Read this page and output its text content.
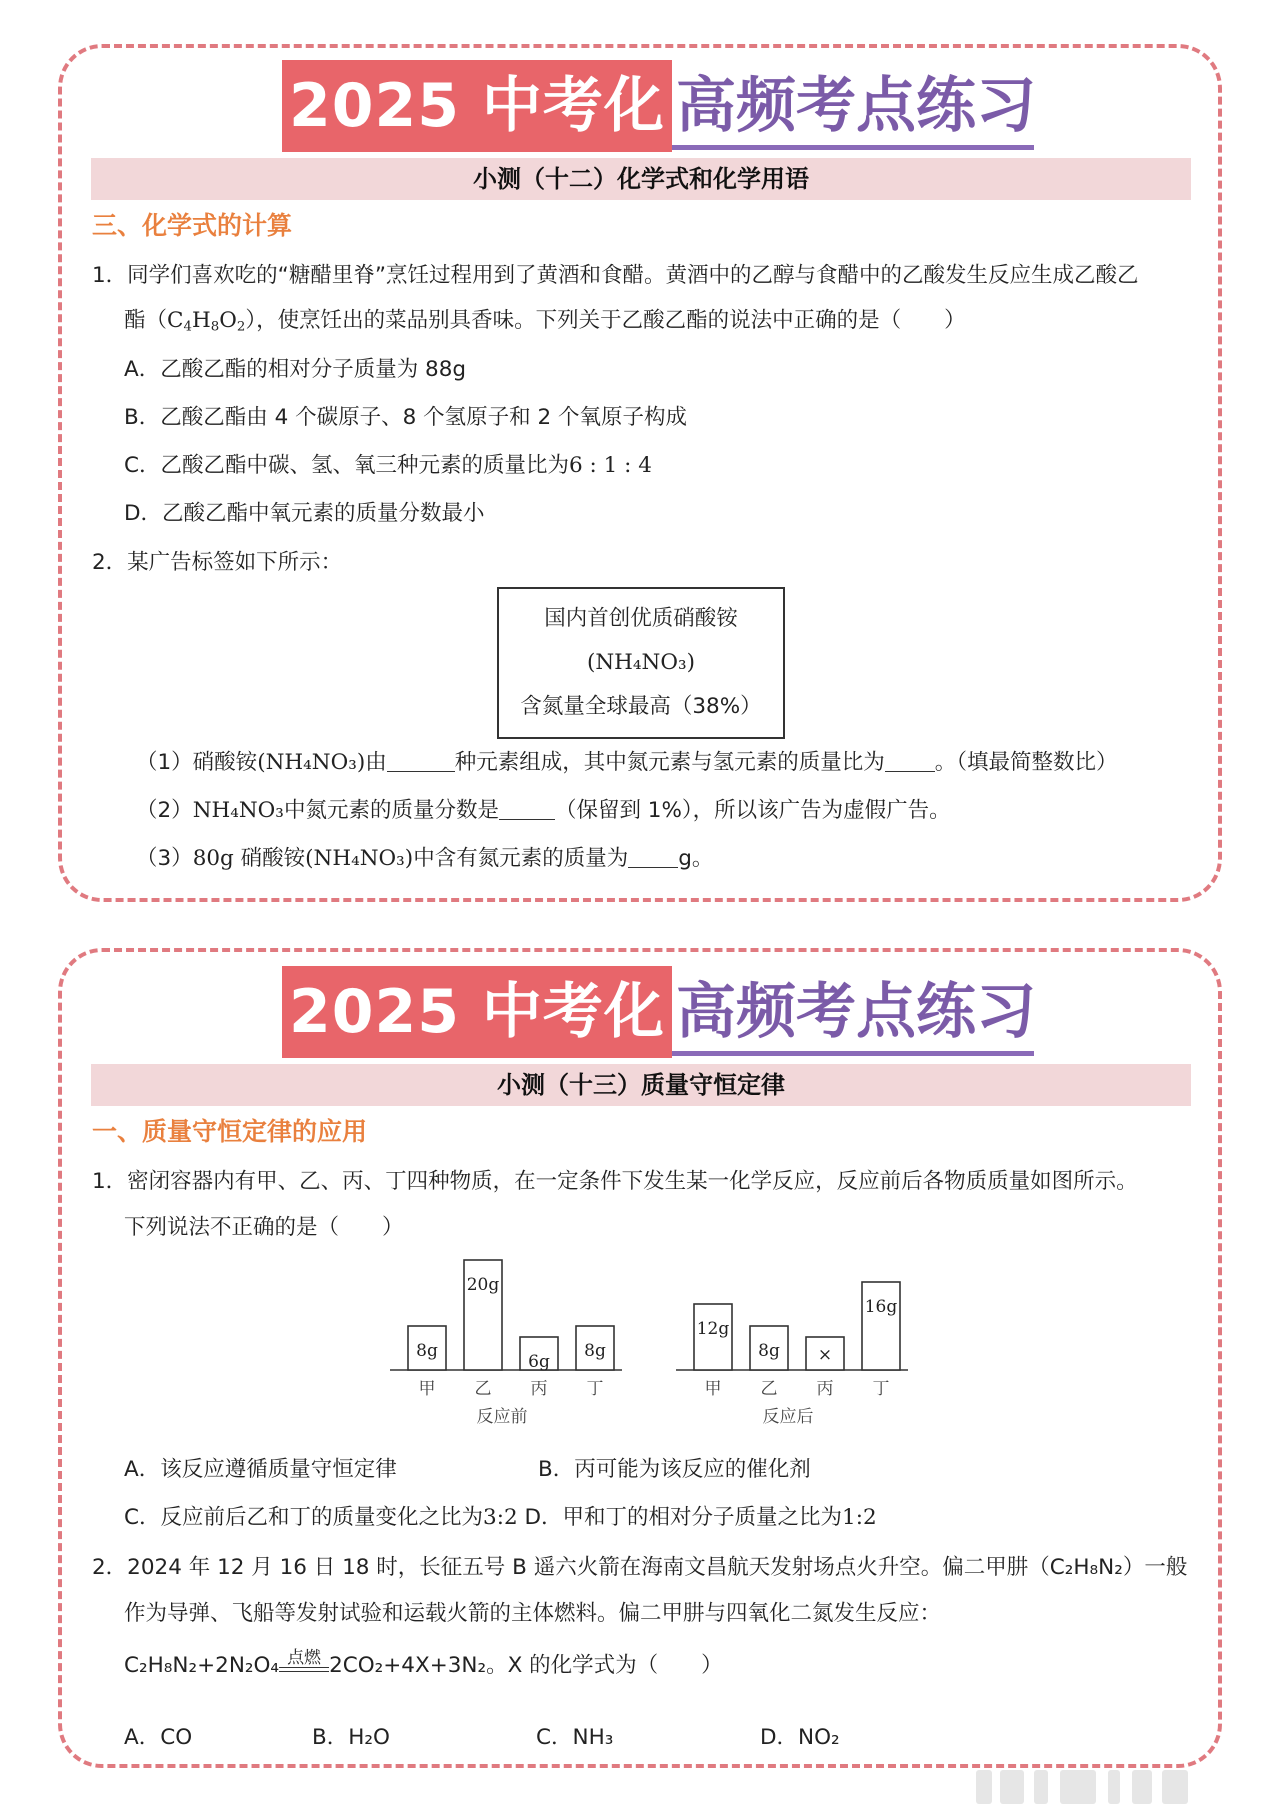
2025 中考化 高频考点练习
小测（十二）化学式和化学用语
三、化学式的计算
1．同学们喜欢吃的“糖醋里脊”烹饪过程用到了黄酒和食醋。黄酒中的乙醇与食醋中的乙酸发生反应生成乙酸乙
酯$(C_4H_8O_2)$，使烹饪出的菜品别具香味。下列关于乙酸乙酯的说法中正确的是（　　）
A．乙酸乙酯的相对分子质量为 88g
B．乙酸乙酯由 4 个碳原子、8 个氢原子和 2 个氧原子构成
C．乙酸乙酯中碳、氢、氧三种元素的质量比为6 : 1 : 4
D．乙酸乙酯中氧元素的质量分数最小
2．某广告标签如下所示：
国内首创优质硝酸铵
(NH₄NO₃)
含氮量全球最高（38%）
（1）硝酸铵(NH₄NO₃)由	种元素组成，其中氮元素与氢元素的质量比为 。（填最简整数比）
（2）NH₄NO₃中氮元素的质量分数是	（保留到 1%），所以该广告为虚假广告。
（3）80g 硝酸铵(NH₄NO₃)中含有氮元素的质量为 g。
2025 中考化 高频考点练习
小测（十三）质量守恒定律
一、质量守恒定律的应用
1．密闭容器内有甲、乙、丙、丁四种物质，在一定条件下发生某一化学反应，反应前后各物质质量如图所示。
下列说法不正确的是（　　）
8g
甲
20g
乙
6g
丙
8g
丁
反应前
12g
甲
8g
乙
×
丙
16g
丁
反应后
A．该反应遵循质量守恒定律	B．丙可能为该反应的催化剂
C．反应前后乙和丁的质量变化之比为3:2 D．甲和丁的相对分子质量之比为1:2
2．2024 年 12 月 16 日 18 时，长征五号 B 遥六火箭在海南文昌航天发射场点火升空。偏二甲肼（C₂H₈N₂）一般
作为导弹、飞船等发射试验和运载火箭的主体燃料。偏二甲肼与四氧化二氮发生反应：
C₂H₈N₂+2N₂O₄ 点燃 2CO₂+4X+3N₂。X 的化学式为（　　）
A．CO	B．H₂O	C．NH₃	D．NO₂
